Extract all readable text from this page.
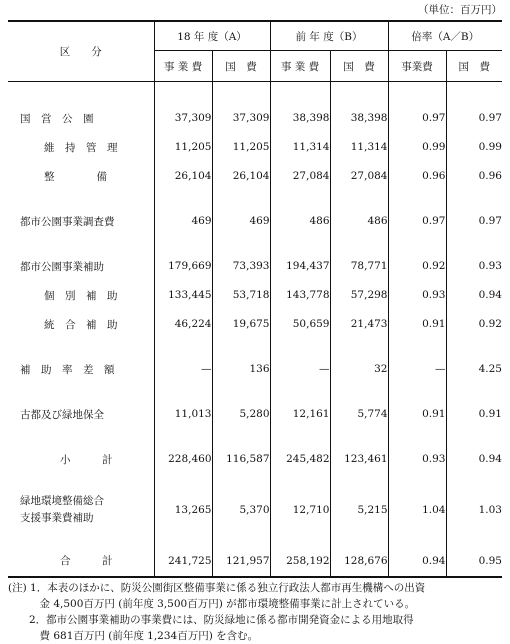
（単位：百万円）
区　　分	18 年 度（A）		前 年 度（B）		倍率（A／B）	
	事 業 費	国　費	事 業 費	国　費	事業費	国　費

国　営　公　園	37,309	37,309	38,398	38,398	0.97	0.97
維　持　管　理	11,205	11,205	11,314	11,314	0.99	0.99
整　　　　備	26,104	26,104	27,084	27,084	0.96	0.96

都市公園事業調査費	469	469	486	486	0.97	0.97

都市公園事業補助	179,669	73,393	194,437	78,771	0.92	0.93
個　別　補　助	133,445	53,718	143,778	57,298	0.93	0.94
統　合　補　助	46,224	19,675	50,659	21,473	0.91	0.92

補　助　率　差　額	—	136	—	32	—	4.25

古都及び緑地保全	11,013	5,280	12,161	5,774	0.91	0.91

小　　　計	228,460	116,587	245,482	123,461	0.93	0.94

緑地環境整備総合
支援事業費補助	13,265	5,370	12,710	5,215	1.04	1.03

合　　　計	241,725	121,957	258,192	128,676	0.94	0.95
(注) 1．本表のほかに、防災公園街区整備事業に係る独立行政法人都市再生機構への出資
　　　金 4,500百万円 (前年度 3,500百万円) が都市環境整備事業に計上されている。
　　2．都市公園事業補助の事業費には、防災緑地に係る都市開発資金による用地取得
　　　費 681百万円 (前年度 1,234百万円) を含む。
